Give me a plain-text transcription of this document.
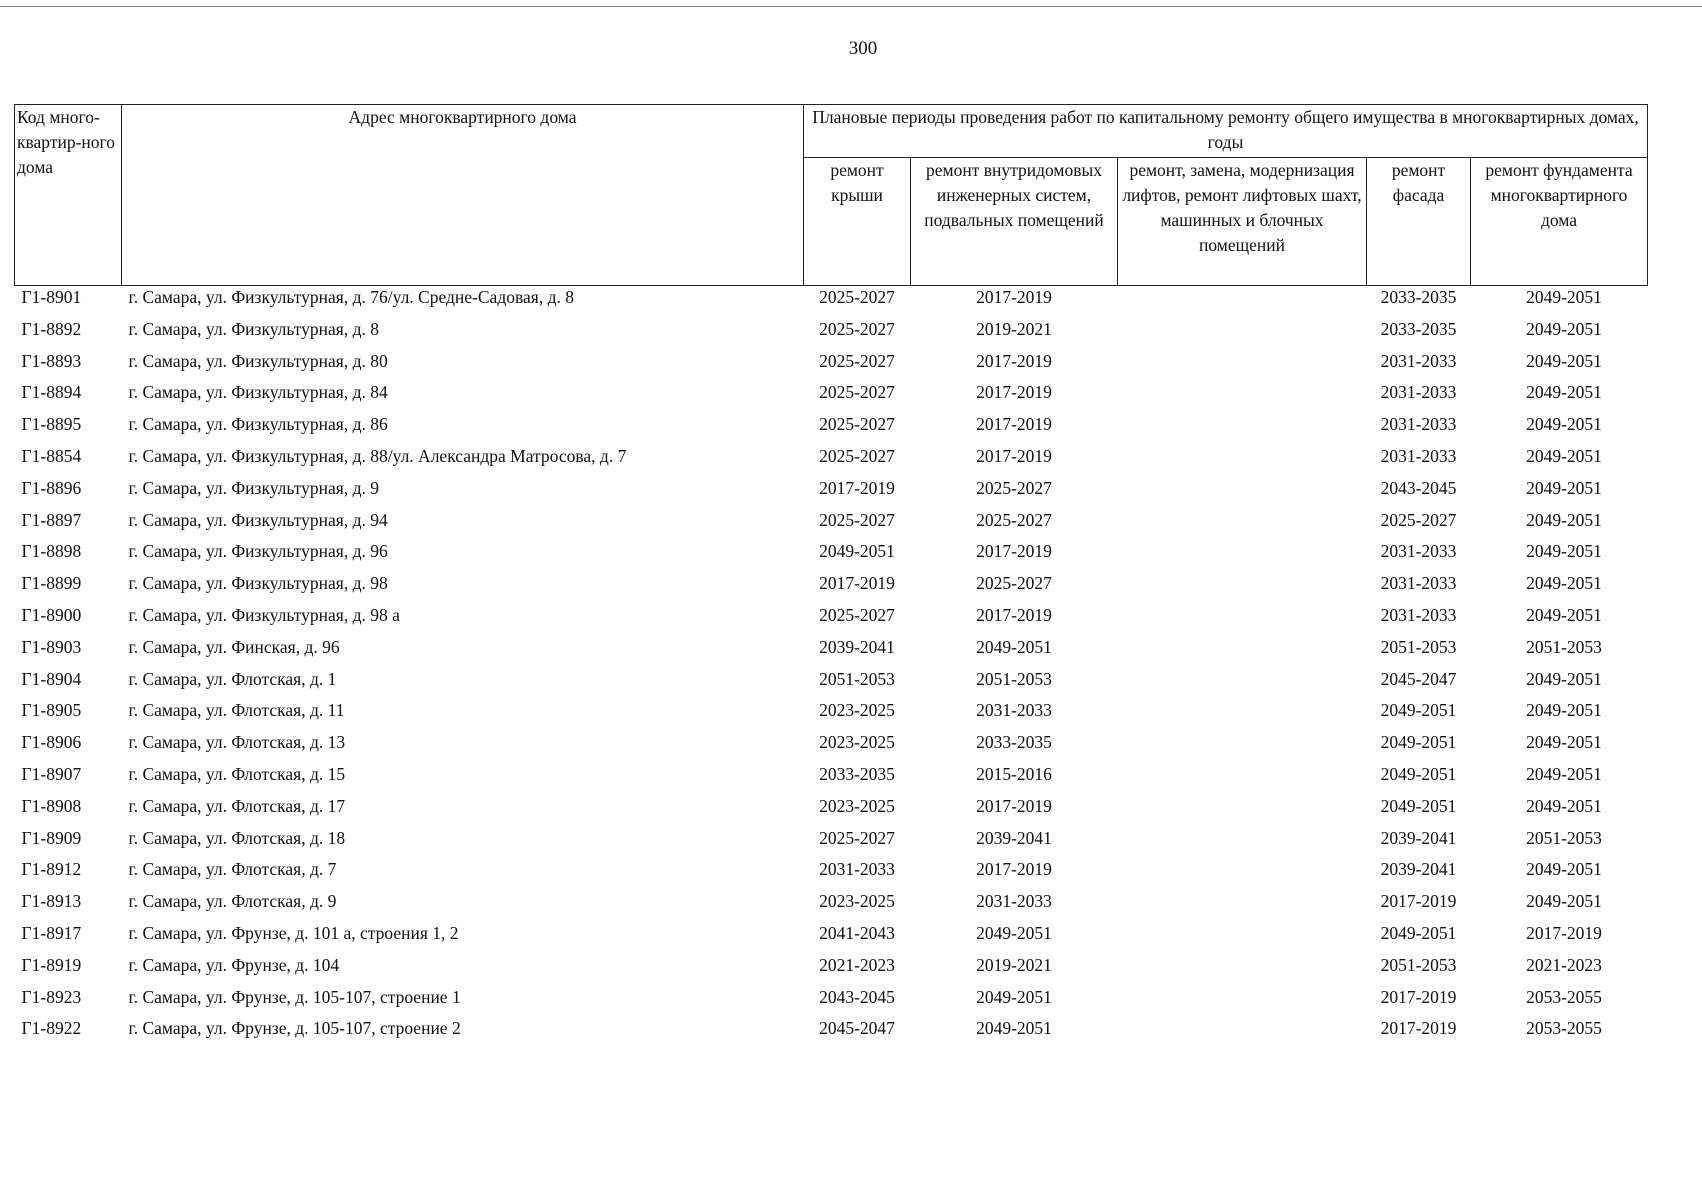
300
Код много-квартир-ного дома	Адрес многоквартирного дома	Плановые периоды проведения работ по капитальному ремонту общего имущества в многоквартирных домах, годы				
		ремонт крыши	ремонт внутридомовых инженерных систем, подвальных помещений	ремонт, замена, модернизация лифтов, ремонт лифтовых шахт, машинных и блочных помещений	ремонт фасада	ремонт фундамента многоквартирного дома
Г1-8901	г. Самара, ул. Физкультурная, д. 76/ул. Средне-Садовая, д. 8	2025-2027	2017-2019		2033-2035	2049-2051
Г1-8892	г. Самара, ул. Физкультурная, д. 8	2025-2027	2019-2021		2033-2035	2049-2051
Г1-8893	г. Самара, ул. Физкультурная, д. 80	2025-2027	2017-2019		2031-2033	2049-2051
Г1-8894	г. Самара, ул. Физкультурная, д. 84	2025-2027	2017-2019		2031-2033	2049-2051
Г1-8895	г. Самара, ул. Физкультурная, д. 86	2025-2027	2017-2019		2031-2033	2049-2051
Г1-8854	г. Самара, ул. Физкультурная, д. 88/ул. Александра Матросова, д. 7	2025-2027	2017-2019		2031-2033	2049-2051
Г1-8896	г. Самара, ул. Физкультурная, д. 9	2017-2019	2025-2027		2043-2045	2049-2051
Г1-8897	г. Самара, ул. Физкультурная, д. 94	2025-2027	2025-2027		2025-2027	2049-2051
Г1-8898	г. Самара, ул. Физкультурная, д. 96	2049-2051	2017-2019		2031-2033	2049-2051
Г1-8899	г. Самара, ул. Физкультурная, д. 98	2017-2019	2025-2027		2031-2033	2049-2051
Г1-8900	г. Самара, ул. Физкультурная, д. 98 а	2025-2027	2017-2019		2031-2033	2049-2051
Г1-8903	г. Самара, ул. Финская, д. 96	2039-2041	2049-2051		2051-2053	2051-2053
Г1-8904	г. Самара, ул. Флотская, д. 1	2051-2053	2051-2053		2045-2047	2049-2051
Г1-8905	г. Самара, ул. Флотская, д. 11	2023-2025	2031-2033		2049-2051	2049-2051
Г1-8906	г. Самара, ул. Флотская, д. 13	2023-2025	2033-2035		2049-2051	2049-2051
Г1-8907	г. Самара, ул. Флотская, д. 15	2033-2035	2015-2016		2049-2051	2049-2051
Г1-8908	г. Самара, ул. Флотская, д. 17	2023-2025	2017-2019		2049-2051	2049-2051
Г1-8909	г. Самара, ул. Флотская, д. 18	2025-2027	2039-2041		2039-2041	2051-2053
Г1-8912	г. Самара, ул. Флотская, д. 7	2031-2033	2017-2019		2039-2041	2049-2051
Г1-8913	г. Самара, ул. Флотская, д. 9	2023-2025	2031-2033		2017-2019	2049-2051
Г1-8917	г. Самара, ул. Фрунзе, д. 101 а, строения 1, 2	2041-2043	2049-2051		2049-2051	2017-2019
Г1-8919	г. Самара, ул. Фрунзе, д. 104	2021-2023	2019-2021		2051-2053	2021-2023
Г1-8923	г. Самара, ул. Фрунзе, д. 105-107, строение 1	2043-2045	2049-2051		2017-2019	2053-2055
Г1-8922	г. Самара, ул. Фрунзе, д. 105-107, строение 2	2045-2047	2049-2051		2017-2019	2053-2055
